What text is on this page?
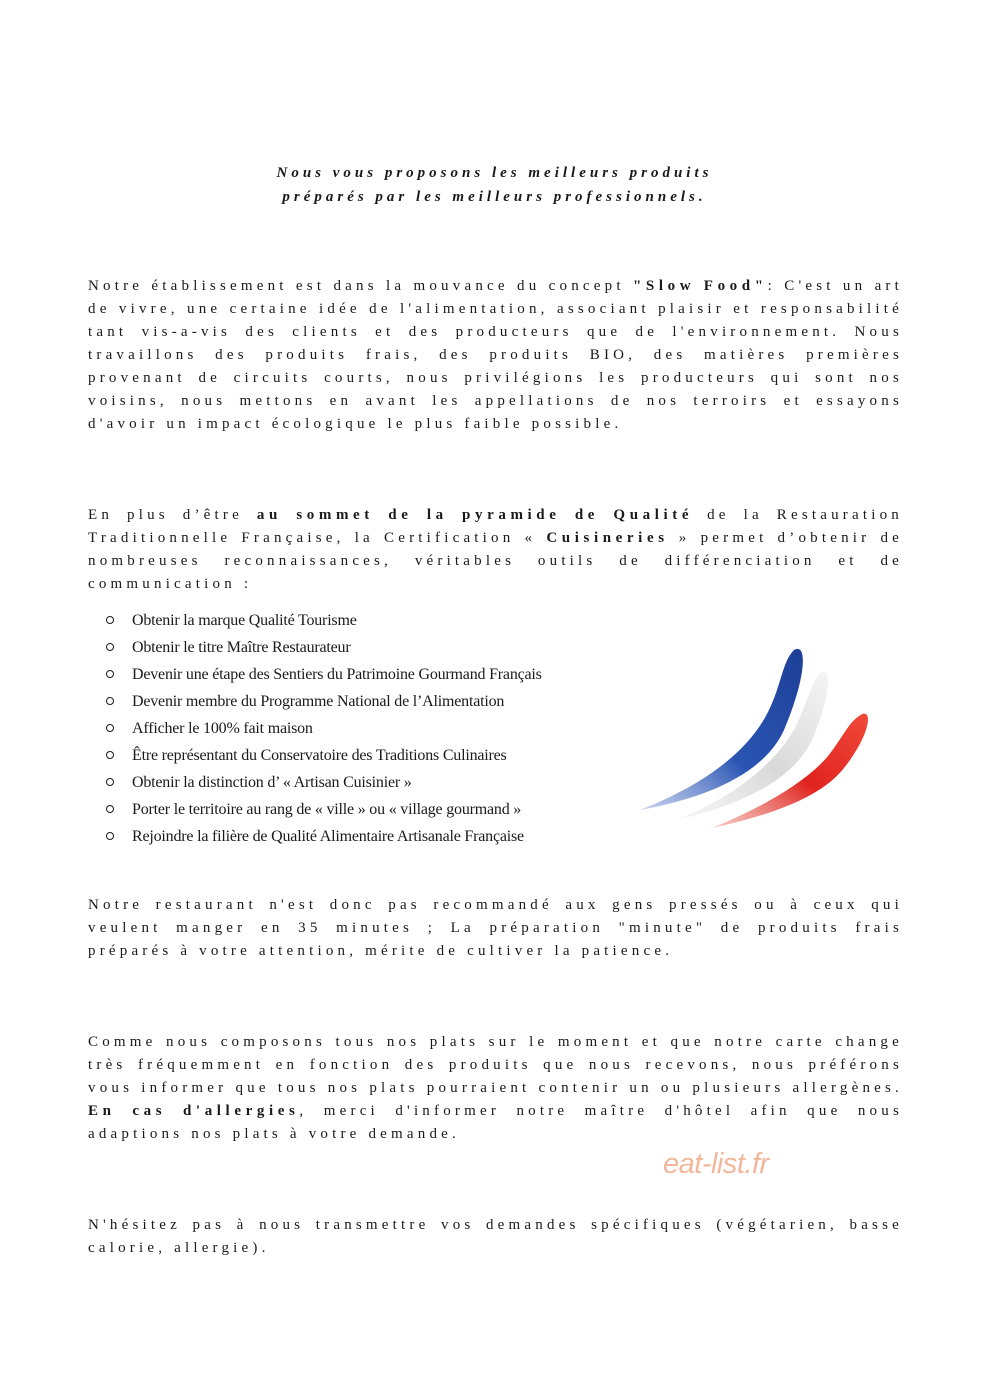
Nous vous proposons les meilleurs produits
préparés par les meilleurs professionnels.
Notre établissement est dans la mouvance du concept "Slow Food": C'est un art de vivre, une certaine idée de l'alimentation, associant plaisir et responsabilité tant vis-a-vis des clients et des producteurs que de l'environnement. Nous travaillons des produits frais, des produits BIO, des matières premières provenant de circuits courts, nous privilégions les producteurs qui sont nos voisins, nous mettons en avant les appellations de nos terroirs et essayons d'avoir un impact écologique le plus faible possible.
En plus d’être au sommet de la pyramide de Qualité de la Restauration Traditionnelle Française, la Certification « Cuisineries » permet d’obtenir de nombreuses reconnaissances, véritables outils de différenciation et de communication :
Obtenir la marque Qualité Tourisme
Obtenir le titre Maître Restaurateur
Devenir une étape des Sentiers du Patrimoine Gourmand Français
Devenir membre du Programme National de l’Alimentation
Afficher le 100% fait maison
Être représentant du Conservatoire des Traditions Culinaires
Obtenir la distinction d’ « Artisan Cuisinier »
Porter le territoire au rang de « ville » ou « village gourmand »
Rejoindre la filière de Qualité Alimentaire Artisanale Française
Notre restaurant n'est donc pas recommandé aux gens pressés ou à ceux qui veulent manger en 35 minutes ; La préparation "minute" de produits frais préparés à votre attention, mérite de cultiver la patience.
Comme nous composons tous nos plats sur le moment et que notre carte change très fréquemment en fonction des produits que nous recevons, nous préférons vous informer que tous nos plats pourraient contenir un ou plusieurs allergènes. En cas d'allergies, merci d'informer notre maître d'hôtel afin que nous adaptions nos plats à votre demande.
eat-list.fr
N'hésitez pas à nous transmettre vos demandes spécifiques (végétarien, basse calorie, allergie).
